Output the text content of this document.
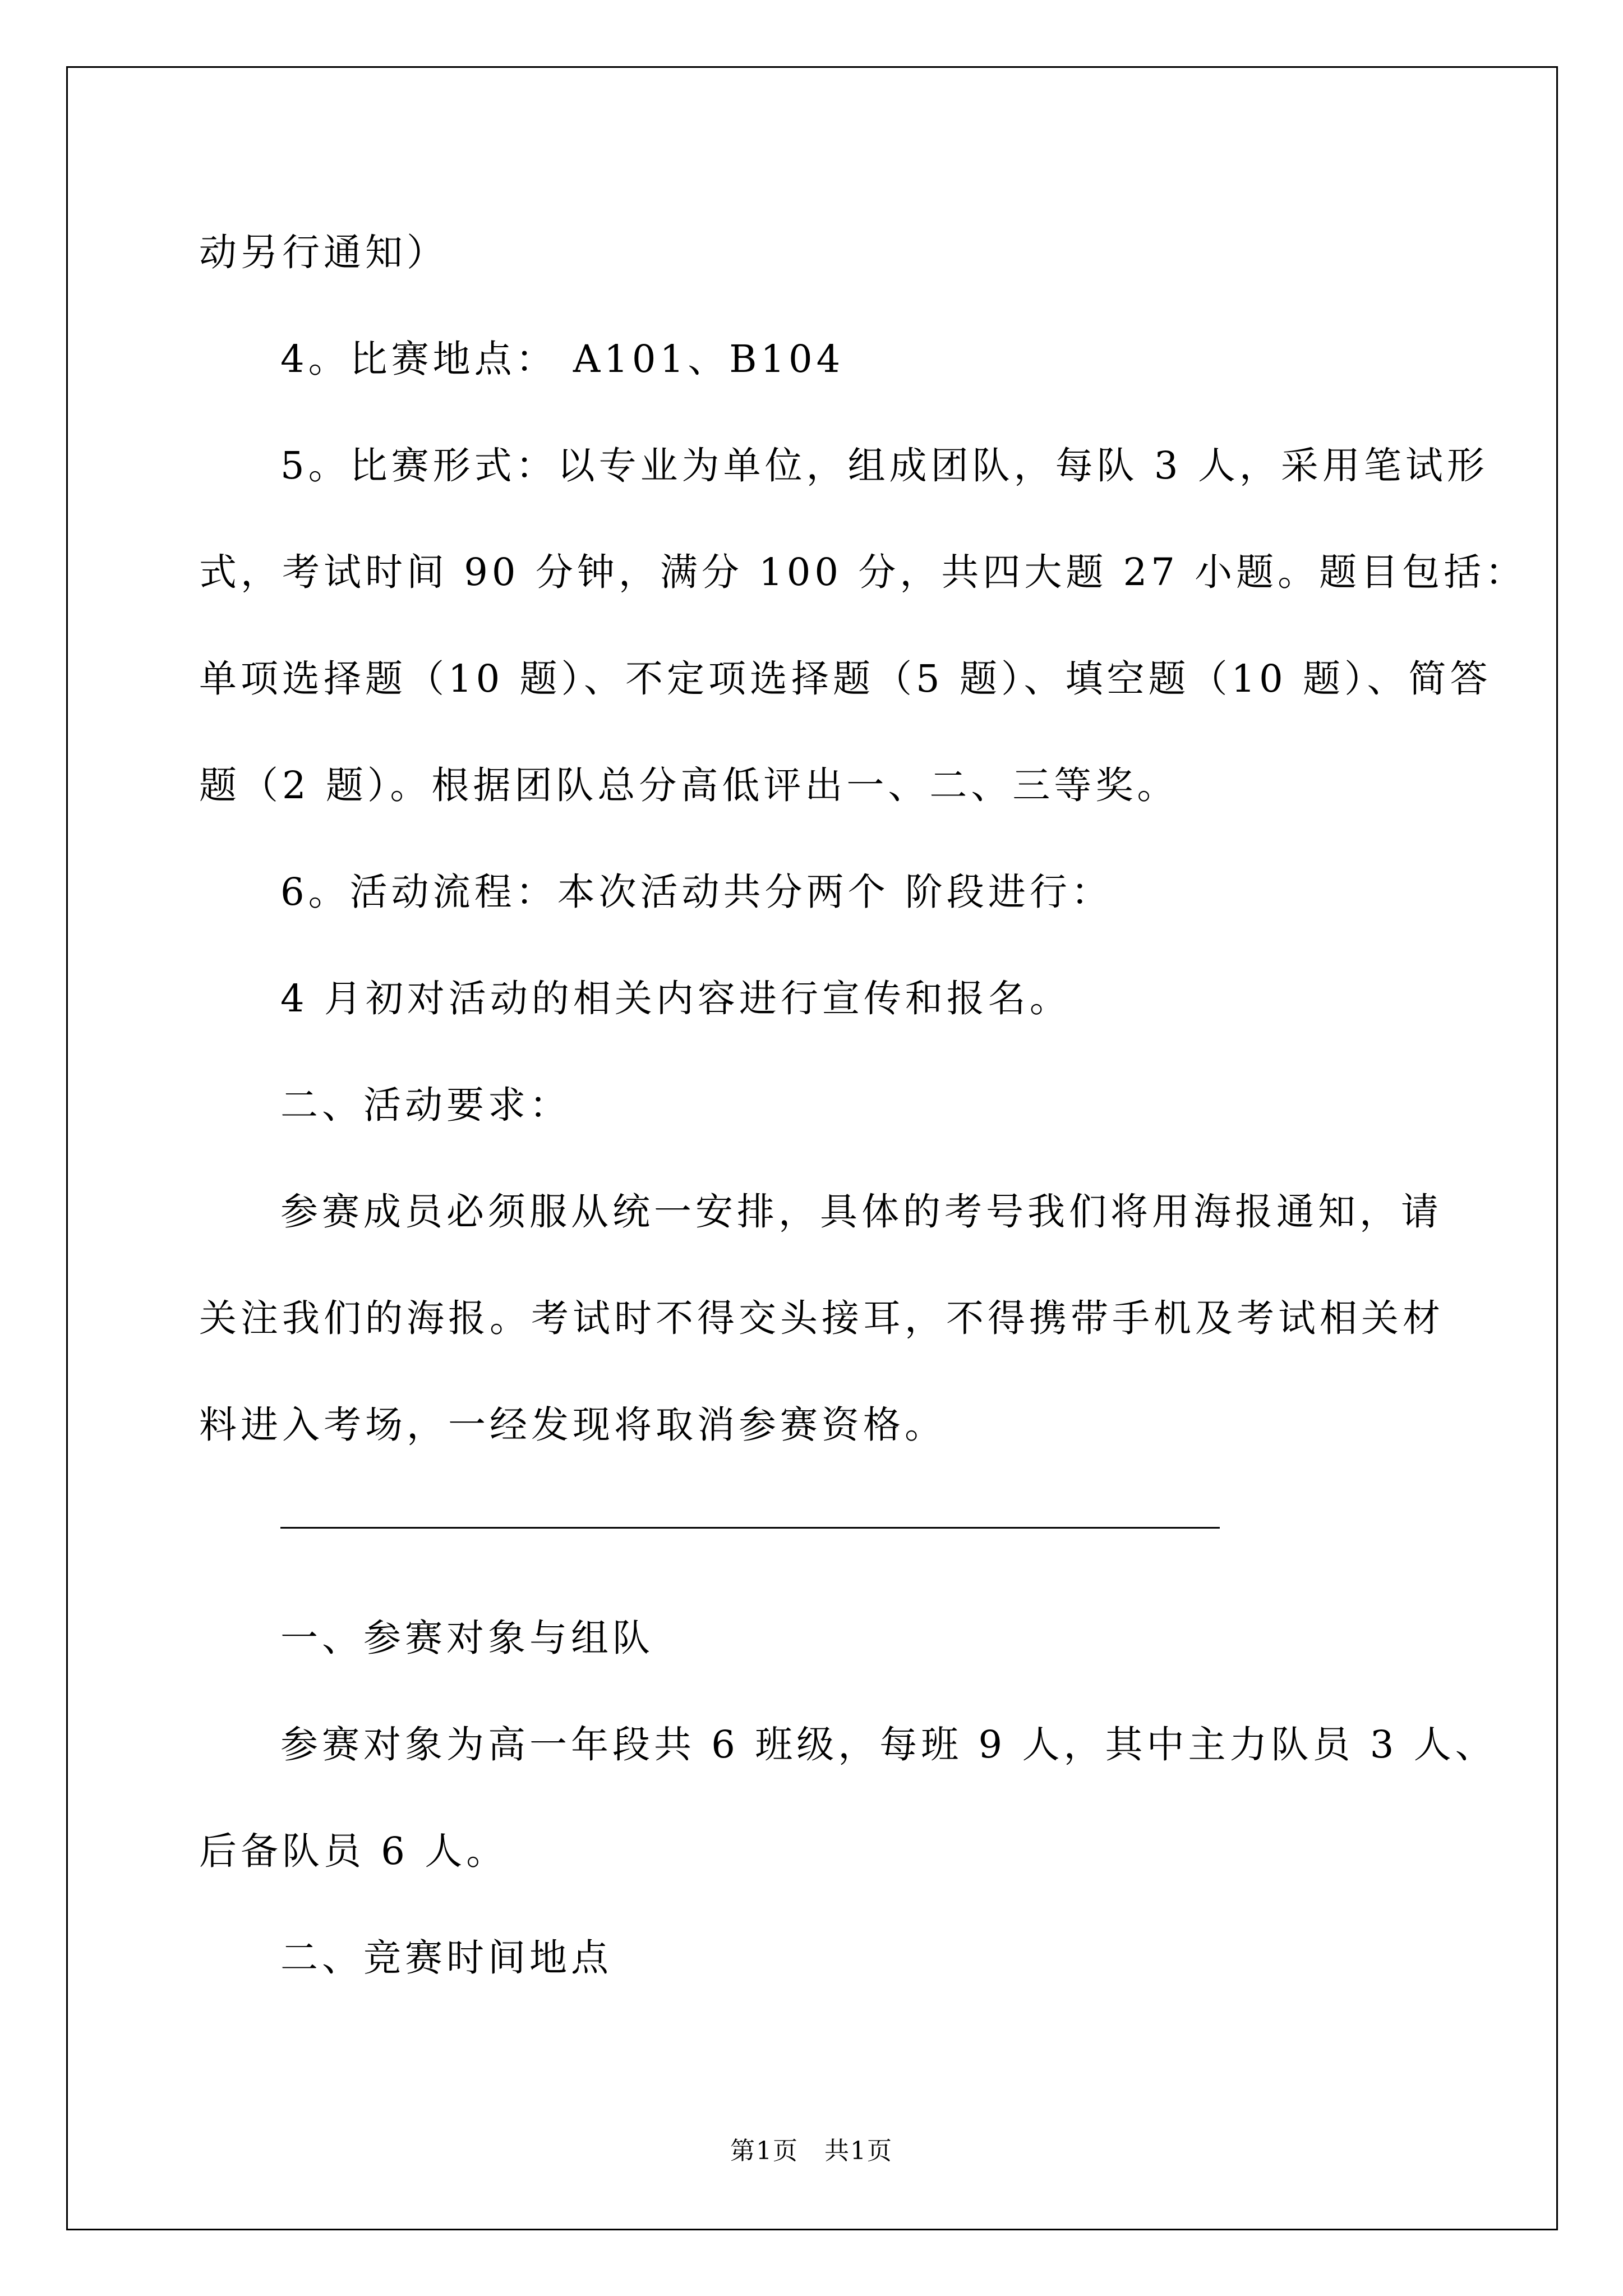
动另行通知）
4。比赛地点： A101、B104
5。比赛形式：以专业为单位，组成团队，每队 3 人，采用笔试形
式，考试时间 90 分钟，满分 100 分，共四大题 27 小题。题目包括：
单项选择题（10 题）、不定项选择题（5 题）、填空题（10 题）、简答
题（2 题）。根据团队总分高低评出一、二、三等奖。
6。活动流程：本次活动共分两个 阶段进行：
4 月初对活动的相关内容进行宣传和报名。
二、活动要求：
参赛成员必须服从统一安排，具体的考号我们将用海报通知，请
关注我们的海报。考试时不得交头接耳，不得携带手机及考试相关材
料进入考场，一经发现将取消参赛资格。
一、参赛对象与组队
参赛对象为高一年段共 6 班级，每班 9 人，其中主力队员 3 人、
后备队员 6 人。
二、竞赛时间地点
第1页　共1页
